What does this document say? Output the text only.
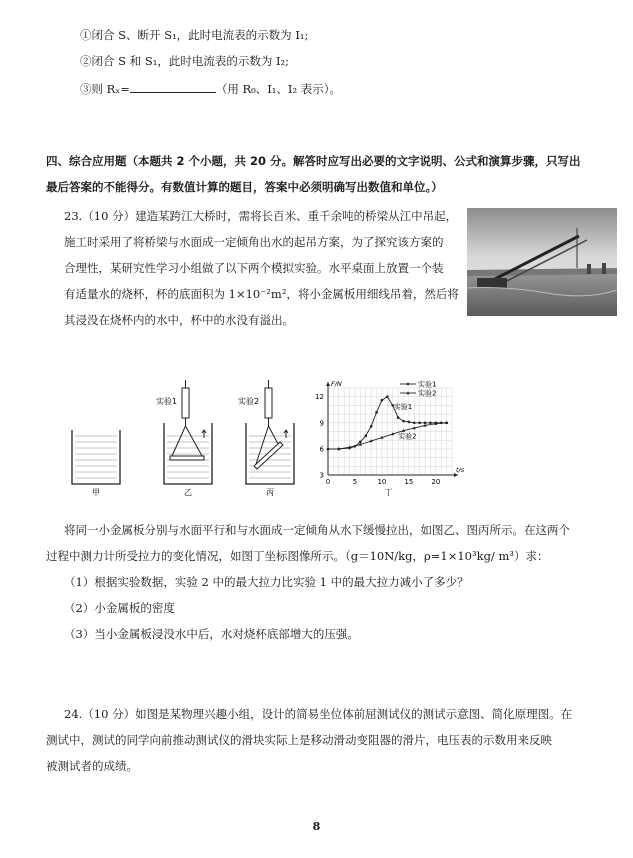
①闭合 S、断开 S₁，此时电流表的示数为 I₁;
②闭合 S 和 S₁，此时电流表的示数为 I₂;
③则 Rₓ=	（用 R₀、I₁、I₂ 表示）。
四、综合应用题（本题共 2 个小题，共 20 分。解答时应写出必要的文字说明、公式和演算步骤，只写出
最后答案的不能得分。有数值计算的题目，答案中必须明确写出数值和单位。）
23.（10 分）建造某跨江大桥时，需将长百米、重千余吨的桥梁从江中吊起，
施工时采用了将桥梁与水面成一定倾角出水的起吊方案，为了探究该方案的
合理性，某研究性学习小组做了以下两个模拟实验。水平桌面上放置一个装
有适量水的烧杯，杯的底面积为 1×10⁻²m²，将小金属板用细线吊着，然后将
其浸没在烧杯内的水中，杯中的水没有溢出。
甲
实验1
乙
实验2
丙
0	5	10	15	20
3
6
9
12
t/s
F/N	实验1
实验2
实验1
实验2
丁
将同一小金属板分别与水面平行和与水面成一定倾角从水下缓慢拉出，如图乙、图丙所示。在这两个
过程中测力计所受拉力的变化情况，如图丁坐标图像所示。（g＝10N/kg，ρ=1×10³kg/ m³）求：
（1）根据实验数据，实验 2 中的最大拉力比实验 1 中的最大拉力减小了多少？
（2）小金属板的密度
（3）当小金属板浸没水中后，水对烧杯底部增大的压强。
24.（10 分）如图是某物理兴趣小组，设计的简易坐位体前屈测试仪的测试示意图、简化原理图。在
测试中，测试的同学向前推动测试仪的滑块实际上是移动滑动变阻器的滑片，电压表的示数用来反映
被测试者的成绩。
8
